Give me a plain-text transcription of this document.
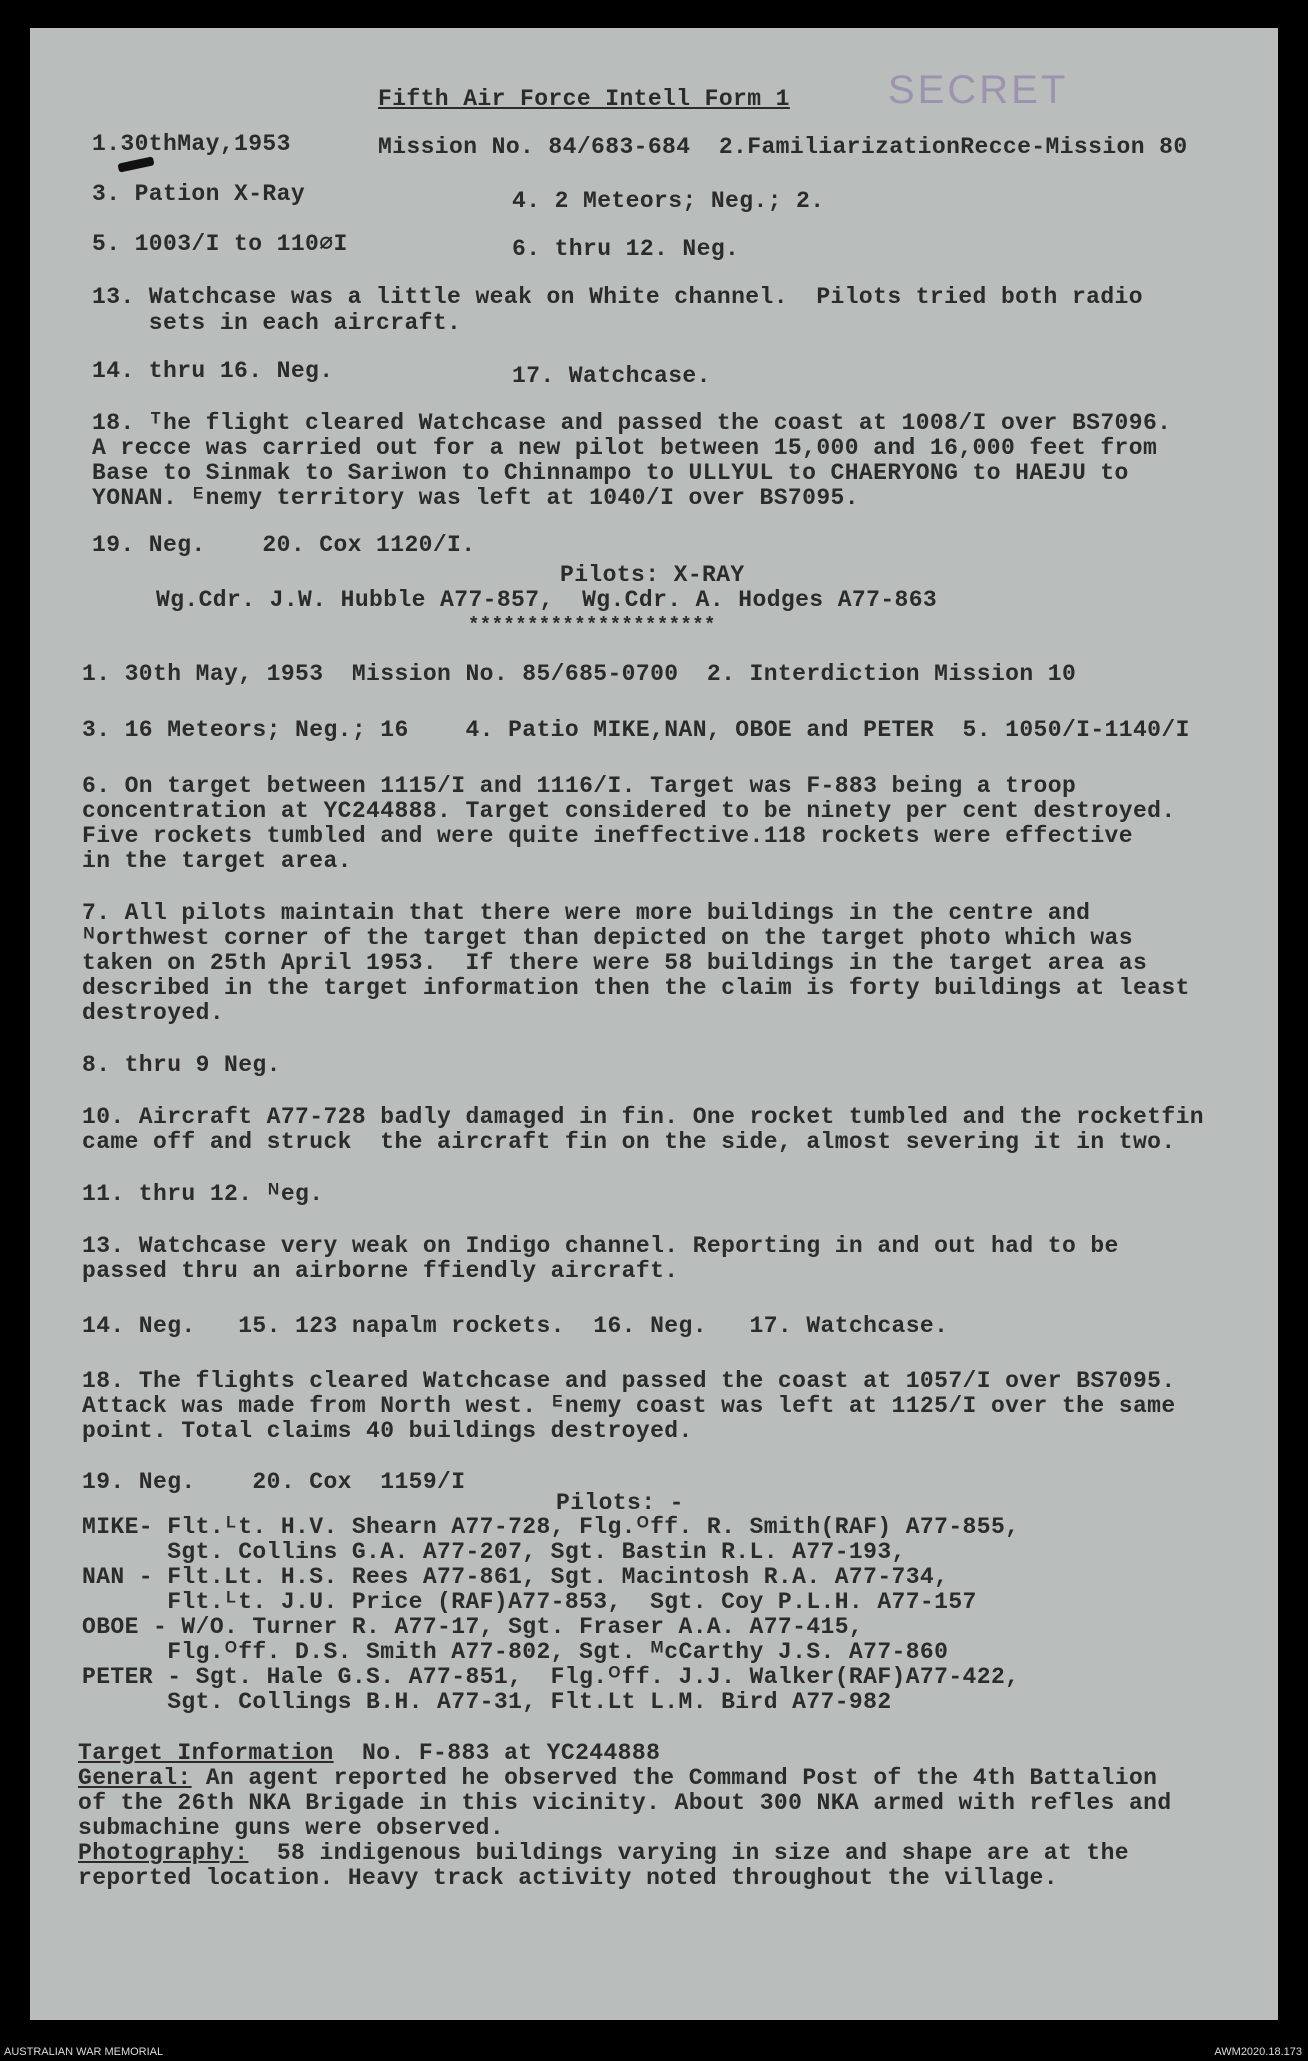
SECRET
Fifth Air Force Intell Form 1
1.30thMay,1953	Mission No. 84/683-684  2.FamiliarizationRecce-Mission 80
3. Pation X-Ray	4. 2 Meteors; Neg.; 2.
5. 1003/I to 110∅I	6. thru 12. Neg.
13. Watchcase was a little weak on White channel.  Pilots tried both radio
sets in each aircraft.
14. thru 16. Neg.	17. Watchcase.
18. ᵀhe flight cleared Watchcase and passed the coast at 1008/I over BS7096.
A recce was carried out for a new pilot between 15,000 and 16,000 feet from
Base to Sinmak to Sariwon to Chinnampo to ULLYUL to CHAERYONG to HAEJU to
YONAN. ᴱnemy territory was left at 1040/I over BS7095.
19. Neg.    20. Cox 1120/I.
Pilots: X-RAY
Wg.Cdr. J.W. Hubble A77-857,  Wg.Cdr. A. Hodges A77-863
*********************
1. 30th May, 1953  Mission No. 85/685-0700  2. Interdiction Mission 10
3. 16 Meteors; Neg.; 16    4. Patio MIKE,NAN, OBOE and PETER  5. 1050/I-1140/I
6. On target between 1115/I and 1116/I. Target was F-883 being a troop
concentration at YC244888. Target considered to be ninety per cent destroyed.
Five rockets tumbled and were quite ineffective.118 rockets were effective
in the target area.
7. All pilots maintain that there were more buildings in the centre and
ᴺorthwest corner of the target than depicted on the target photo which was
taken on 25th April 1953.  If there were 58 buildings in the target area as
described in the target information then the claim is forty buildings at least
destroyed.
8. thru 9 Neg.
10. Aircraft A77-728 badly damaged in fin. One rocket tumbled and the rocketfin
came off and struck  the aircraft fin on the side, almost severing it in two.
11. thru 12. ᴺeg.
13. Watchcase very weak on Indigo channel. Reporting in and out had to be
passed thru an airborne ffiendly aircraft.
14. Neg.   15. 123 napalm rockets.  16. Neg.   17. Watchcase.
18. The flights cleared Watchcase and passed the coast at 1057/I over BS7095.
Attack was made from North west. ᴱnemy coast was left at 1125/I over the same
point. Total claims 40 buildings destroyed.
19. Neg.    20. Cox  1159/I
Pilots: -
MIKE- Flt.ᴸt. H.V. Shearn A77-728, Flg.ᴼff. R. Smith(RAF) A77-855,
Sgt. Collins G.A. A77-207, Sgt. Bastin R.L. A77-193,
NAN - Flt.Lt. H.S. Rees A77-861, Sgt. Macintosh R.A. A77-734,
Flt.ᴸt. J.U. Price (RAF)A77-853,  Sgt. Coy P.L.H. A77-157
OBOE - W/O. Turner R. A77-17, Sgt. Fraser A.A. A77-415,
Flg.ᴼff. D.S. Smith A77-802, Sgt. ᴹcCarthy J.S. A77-860
PETER - Sgt. Hale G.S. A77-851,  Flg.ᴼff. J.J. Walker(RAF)A77-422,
Sgt. Collings B.H. A77-31, Flt.Lt L.M. Bird A77-982
Target Information  No. F-883 at YC244888
General: An agent reported he observed the Command Post of the 4th Battalion
of the 26th NKA Brigade in this vicinity. About 300 NKA armed with refles and
submachine guns were observed.
Photography:  58 indigenous buildings varying in size and shape are at the
reported location. Heavy track activity noted throughout the village.
AUSTRALIAN WAR MEMORIAL	AWM2020.18.173
